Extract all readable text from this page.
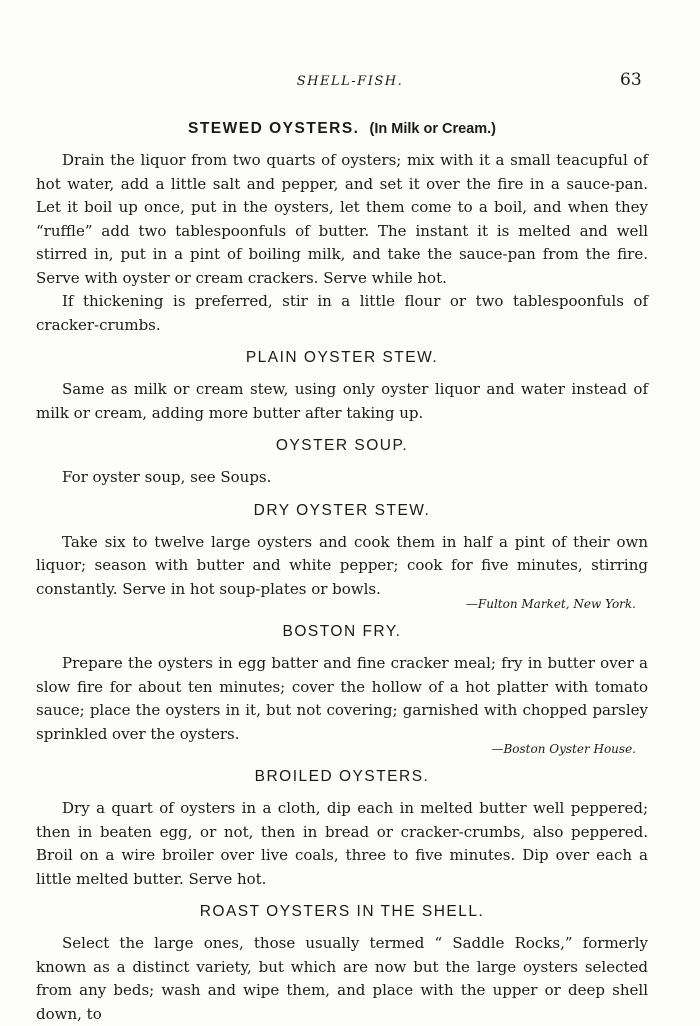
SHELL-FISH.	63
STEWED OYSTERS. (In Milk or Cream.)

Drain the liquor from two quarts of oysters; mix with it a small teacupful of hot water, add a little salt and pepper, and set it over the fire in a sauce-pan. Let it boil up once, put in the oysters, let them come to a boil, and when they “ruffle” add two tablespoonfuls of butter. The instant it is melted and well stirred in, put in a pint of boiling milk, and take the sauce-pan from the fire. Serve with oyster or cream crackers. Serve while hot.

If thickening is preferred, stir in a little flour or two tablespoonfuls of cracker-crumbs.

PLAIN OYSTER STEW.

Same as milk or cream stew, using only oyster liquor and water instead of milk or cream, adding more butter after taking up.

OYSTER SOUP.

For oyster soup, see Soups.

DRY OYSTER STEW.

Take six to twelve large oysters and cook them in half a pint of their own liquor; season with butter and white pepper; cook for five minutes, stirring constantly. Serve in hot soup-plates or bowls.

—Fulton Market, New York.
BOSTON FRY.

Prepare the oysters in egg batter and fine cracker meal; fry in butter over a slow fire for about ten minutes; cover the hollow of a hot platter with tomato sauce; place the oysters in it, but not covering; garnished with chopped parsley sprinkled over the oysters.

—Boston Oyster House.
BROILED OYSTERS.

Dry a quart of oysters in a cloth, dip each in melted butter well peppered; then in beaten egg, or not, then in bread or cracker-crumbs, also peppered. Broil on a wire broiler over live coals, three to five minutes. Dip over each a little melted butter. Serve hot.

ROAST OYSTERS IN THE SHELL.

Select the large ones, those usually termed “ Saddle Rocks,” formerly known as a distinct variety, but which are now but the large oysters selected from any beds; wash and wipe them, and place with the upper or deep shell down, to
